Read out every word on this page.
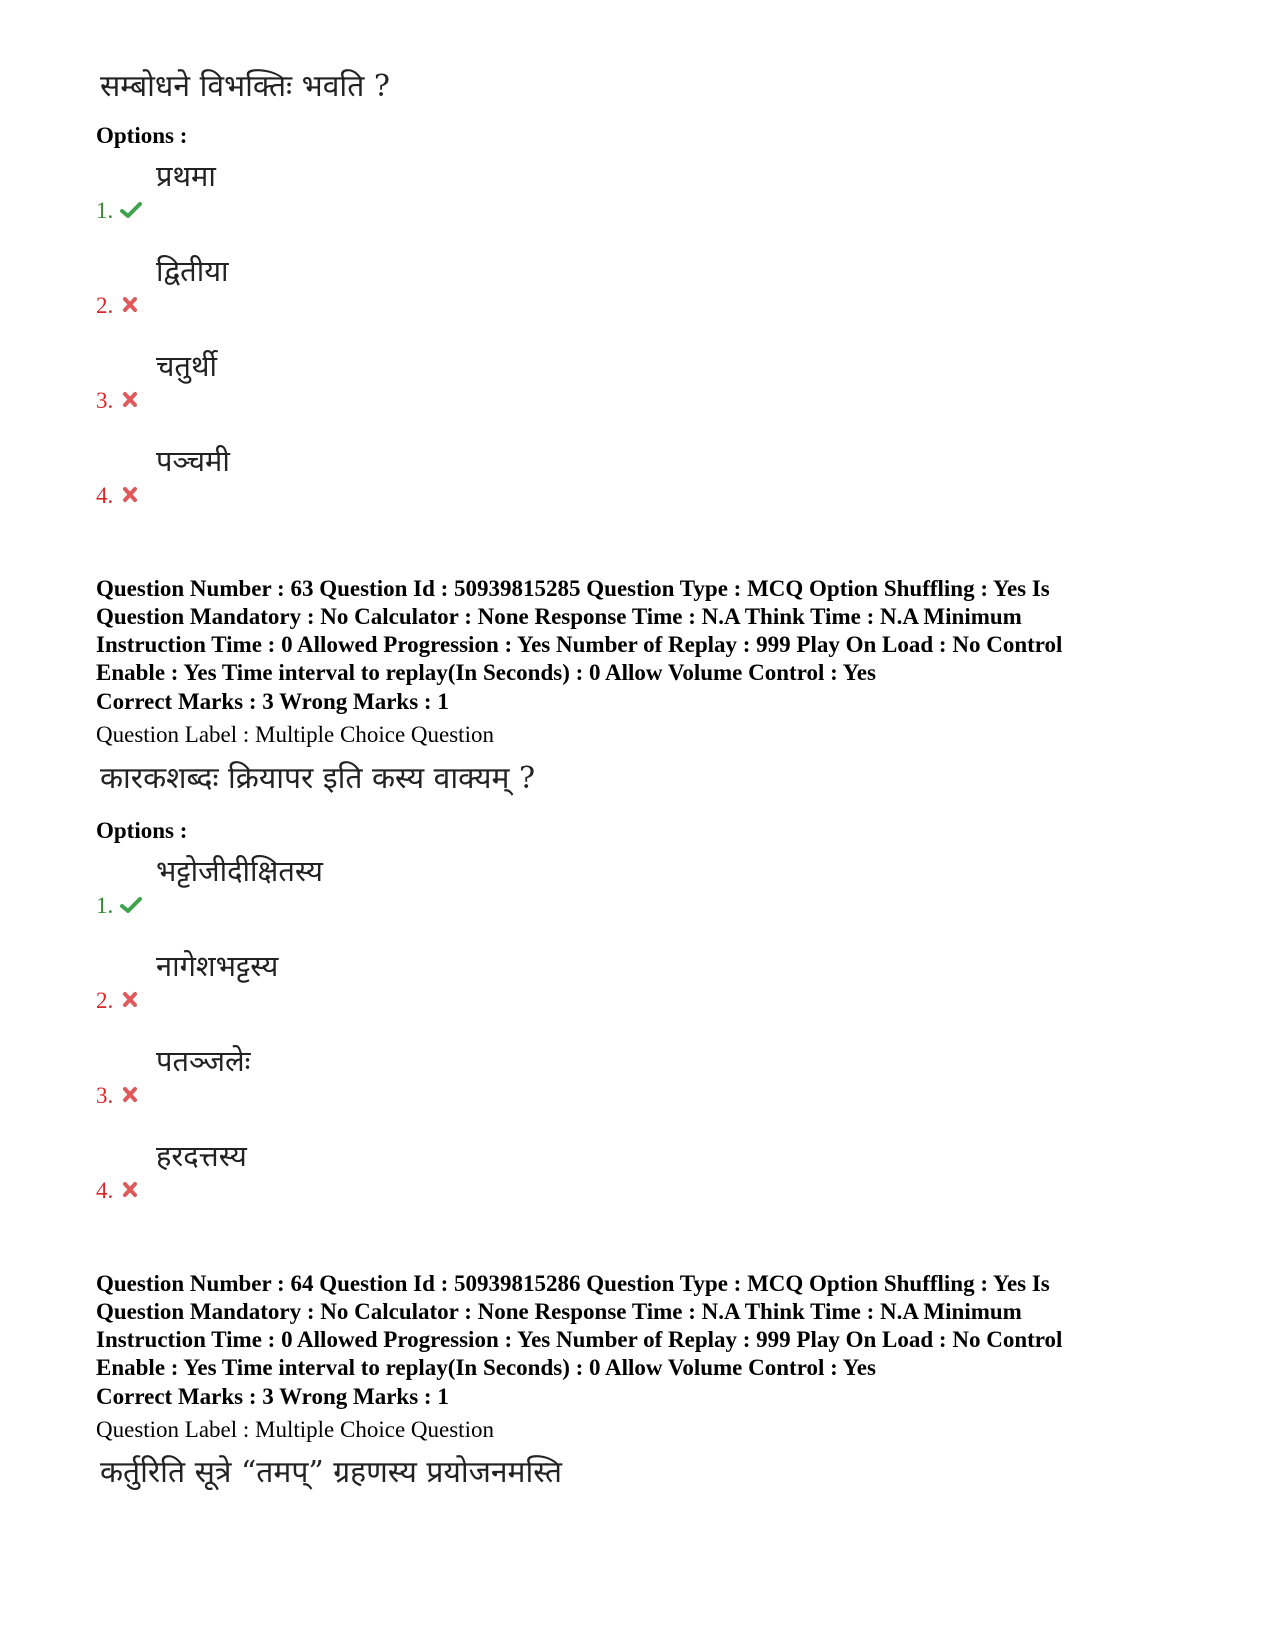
सम्बोधने विभक्तिः भवति ?
Options :
1.
प्रथमा
2.
द्वितीया
3.
चतुर्थी
4.
पञ्चमी
Question Number : 63 Question Id : 50939815285 Question Type : MCQ Option Shuffling : Yes Is
Question Mandatory : No Calculator : None Response Time : N.A Think Time : N.A Minimum
Instruction Time : 0 Allowed Progression : Yes Number of Replay : 999 Play On Load : No Control
Enable : Yes Time interval to replay(In Seconds) : 0 Allow Volume Control : Yes
Correct Marks : 3 Wrong Marks : 1
Question Label : Multiple Choice Question
कारकशब्दः क्रियापर इति कस्य वाक्यम् ?
Options :
1.
भट्टोजीदीक्षितस्य
2.
नागेशभट्टस्य
3.
पतञ्जलेः
4.
हरदत्तस्य
Question Number : 64 Question Id : 50939815286 Question Type : MCQ Option Shuffling : Yes Is
Question Mandatory : No Calculator : None Response Time : N.A Think Time : N.A Minimum
Instruction Time : 0 Allowed Progression : Yes Number of Replay : 999 Play On Load : No Control
Enable : Yes Time interval to replay(In Seconds) : 0 Allow Volume Control : Yes
Correct Marks : 3 Wrong Marks : 1
Question Label : Multiple Choice Question
कर्तुरिति सूत्रे “तमप्” ग्रहणस्य प्रयोजनमस्ति
